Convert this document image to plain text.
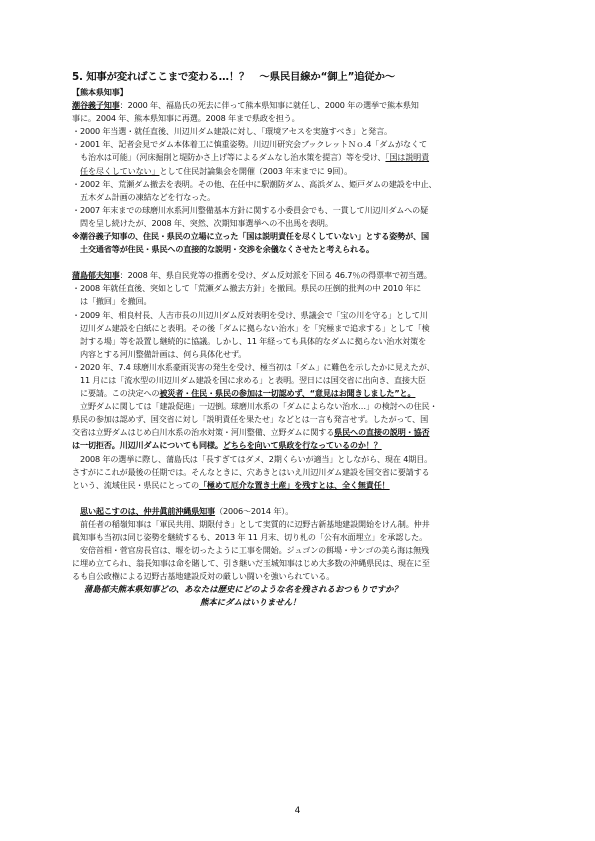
5. 知事が変ればここまで変わる…！？　～県民目線か“御上”追従か～
【熊本県知事】
潮谷義子知事：2000 年、福島氏の死去に伴って熊本県知事に就任し、2000 年の選挙で熊本県知
事に。2004 年、熊本県知事に再選。2008 年まで県政を担う。
・2000 年当選・就任直後、川辺川ダム建設に対し、「環境アセスを実施すべき」と発言。
・2001 年、記者会見でダム本体着工に慎重姿勢。川辺川研究会ブックレットＮｏ.4「ダムがなくて
も治水は可能」（河床掘削と堤防かさ上げ等によるダムなし治水策を提言）等を受け、「国は説明責
任を尽くしていない」として住民討論集会を開催（2003 年末までに 9回）。
・2002 年、荒瀬ダム撤去を表明。その他、在任中に駅潮防ダム、高浜ダム、姫戸ダムの建設を中止、
五木ダム計画の凍結などを行なった。
・2007 年末までの球磨川水系河川整備基本方針に関する小委員会でも、一貫して川辺川ダムへの疑
問を呈し続けたが、2008 年、突然、次期知事選挙への不出馬を表明。
※潮谷義子知事の、住民・県民の立場に立った「国は説明責任を尽くしていない」とする姿勢が、国
土交通省等が住民・県民への直接的な説明・交渉を余儀なくさせたと考えられる。
蒲島郁夫知事：2008 年、県自民党等の推薦を受け、ダム反対派を下回る 46.7％の得票率で初当選。
・2008 年就任直後、突如として「荒瀬ダム撤去方針」を撤回。県民の圧倒的批判の中 2010 年に
は「撤回」を撤回。
・2009 年、相良村長、人吉市長の川辺川ダム反対表明を受け、県議会で「宝の川を守る」として川
辺川ダム建設を白紙にと表明。その後「ダムに拠らない治水」を「究極まで追求する」として「検
討する場」等を設置し継続的に協議。しかし、11 年経っても具体的なダムに拠らない治水対策を
内容とする河川整備計画は、何ら具体化せず。
・2020 年、7.4 球磨川水系豪雨災害の発生を受け、極当初は「ダム」に難色を示したかに見えたが、
11 月には「流水型の川辺川ダム建設を国に求める」と表明。翌日には国交省に出向き、直接大臣
に要請。この決定への被災者・住民・県民の参加は一切認めず、“意見はお聞きしました”と。
立野ダムに関しては「建設促進」一辺倒。球磨川水系の「ダムによらない治水…」の検討への住民・
県民の参加は認めず、国交省に対し「説明責任を果たせ」などとは一言も発言せず。したがって、国
交省は立野ダムはじめ白川水系の治水対策・河川整備、立野ダムに関する県民への直接の説明・協否
は一切拒否。川辺川ダムについても同様。どちらを向いて県政を行なっているのか！？
2008 年の選挙に際し、蒲島氏は「長すぎてはダメ、2期くらいが適当」としながら、現在 4期目。
さすがにこれが最後の任期では。そんなときに、穴あきとはいえ川辺川ダム建設を国交省に要請する
という、流域住民・県民にとっての「極めて厄介な置き土産」を残すとは、全く無責任！
思い起こすのは、仲井眞前沖縄県知事（2006～2014 年）。
前任者の稲嶺知事は「軍民共用、期限付き」として実質的に辺野古新基地建設開始をけん制。仲井
眞知事も当初は同じ姿勢を継続するも、2013 年 11 月末、切り札の「公有水面埋立」を承認した。
安倍首相・菅官房長官は、堰を切ったように工事を開始。ジュゴンの餌場・サンゴの美ら海は無残
に埋め立てられ、翁長知事は命を賭して、引き継いだ玉城知事はじめ大多数の沖縄県民は、現在に至
るも自公政権による辺野古基地建設反対の厳しい闘いを強いられている。
蒲島郁夫熊本県知事どの、あなたは歴史にどのような名を残されるおつもりですか？
熊本にダムはいりません！
4
